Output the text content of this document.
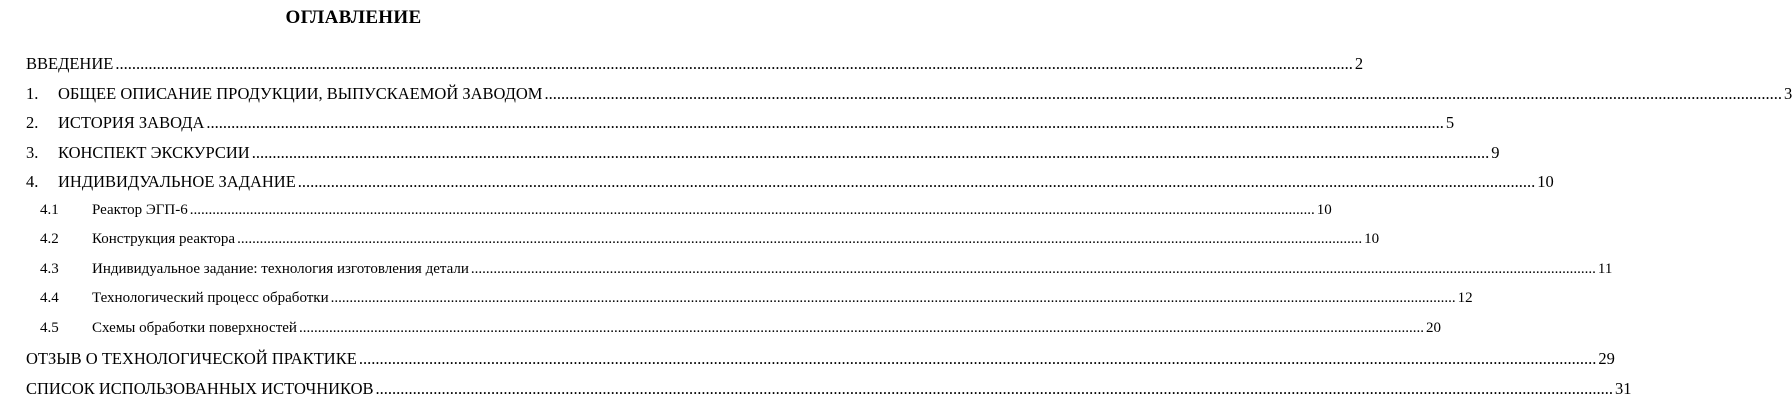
ОГЛАВЛЕНИЕ
ВВЕДЕНИЕ ............................................................................................................................................................................................................................................................................................................ 2
1.	ОБЩЕЕ ОПИСАНИЕ ПРОДУКЦИИ, ВЫПУСКАЕМОЙ ЗАВОДОМ ............................................................................................................................................................................................................................................................................................................ 3
2.	ИСТОРИЯ ЗАВОДА ............................................................................................................................................................................................................................................................................................................ 5
3.	КОНСПЕКТ ЭКСКУРСИИ ............................................................................................................................................................................................................................................................................................................ 9
4.	ИНДИВИДУАЛЬНОЕ ЗАДАНИЕ ............................................................................................................................................................................................................................................................................................................ 10
4.1	Реактор ЭГП-6 ............................................................................................................................................................................................................................................................................................................ 10
4.2	Конструкция реактора ............................................................................................................................................................................................................................................................................................................ 10
4.3	Индивидуальное задание: технология изготовления детали ............................................................................................................................................................................................................................................................................................................ 11
4.4	Технологический процесс обработки ............................................................................................................................................................................................................................................................................................................ 12
4.5	Схемы обработки поверхностей ............................................................................................................................................................................................................................................................................................................ 20
ОТЗЫВ О ТЕХНОЛОГИЧЕСКОЙ ПРАКТИКЕ ............................................................................................................................................................................................................................................................................................................ 29
СПИСОК ИСПОЛЬЗОВАННЫХ ИСТОЧНИКОВ ............................................................................................................................................................................................................................................................................................................ 31
